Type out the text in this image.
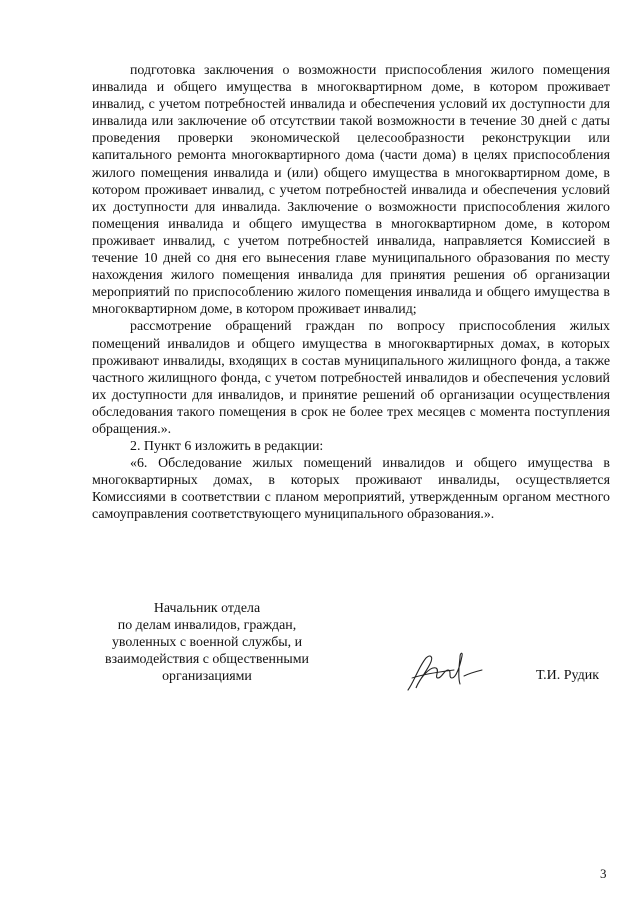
подготовка заключения о возможности приспособления жилого помещения инвалида и общего имущества в многоквартирном доме, в котором проживает инвалид, с учетом потребностей инвалида и обеспечения условий их доступности для инвалида или заключение об отсутствии такой возможности в течение 30 дней с даты проведения проверки экономической целесообразности реконструкции или капитального ремонта многоквартирного дома (части дома) в целях приспособления жилого помещения инвалида и (или) общего имущества в многоквартирном доме, в котором проживает инвалид, с учетом потребностей инвалида и обеспечения условий их доступности для инвалида. Заключение о возможности приспособления жилого помещения инвалида и общего имущества в многоквартирном доме, в котором проживает инвалид, с учетом потребностей инвалида, направляется Комиссией в течение 10 дней со дня его вынесения главе муниципального образования по месту нахождения жилого помещения инвалида для принятия решения об организации мероприятий по приспособлению жилого помещения инвалида и общего имущества в многоквартирном доме, в котором проживает инвалид;

рассмотрение обращений граждан по вопросу приспособления жилых помещений инвалидов и общего имущества в многоквартирных домах, в которых проживают инвалиды, входящих в состав муниципального жилищного фонда, а также частного жилищного фонда, с учетом потребностей инвалидов и обеспечения условий их доступности для инвалидов, и принятие решений об организации осуществления обследования такого помещения в срок не более трех месяцев с момента поступления обращения.».

2. Пункт 6 изложить в редакции:

«6. Обследование жилых помещений инвалидов и общего имущества в многоквартирных домах, в которых проживают инвалиды, осуществляется Комиссиями в соответствии с планом мероприятий, утвержденным органом местного самоуправления соответствующего муниципального образования.».

Начальник отдела
по делам инвалидов, граждан,
уволенных с военной службы, и
взаимодействия с общественными
организациями	Т.И. Рудик
3
